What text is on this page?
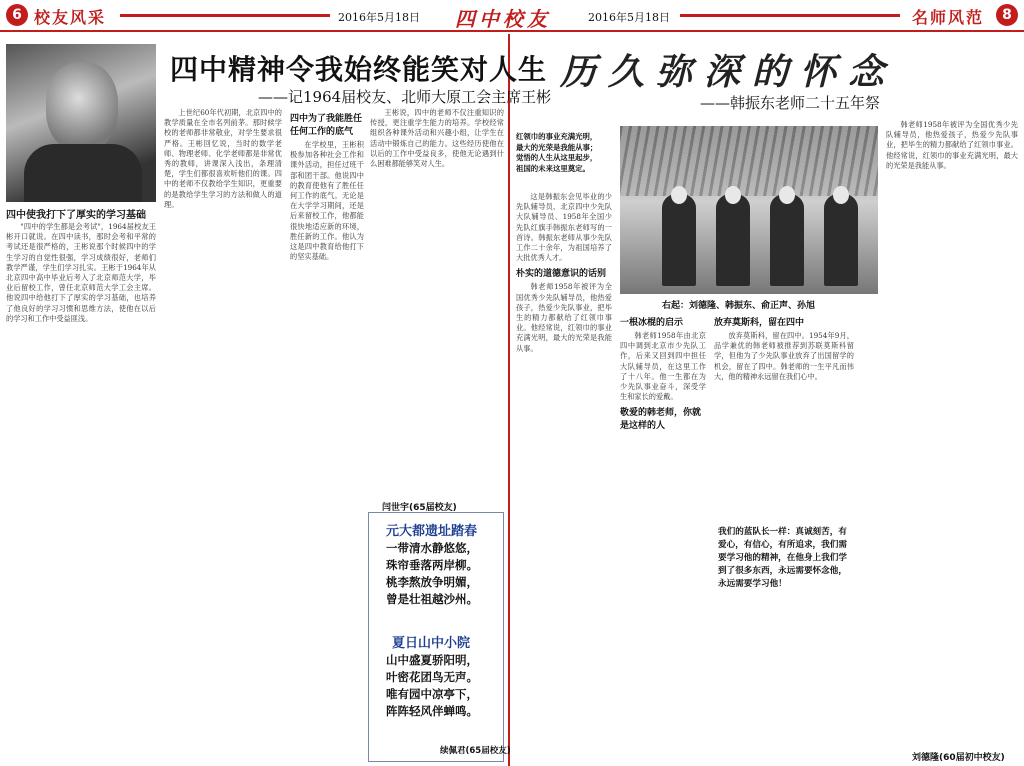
6 校友风采	2016年5月18日 四中校友	2016年5月18日	名师风范	8
四中精神令我始终能笑对人生
——记1964届校友、北师大原工会主席王彬
四中使我打下了厚实的学习基础

"四中的学生都是会考试"，1964届校友王彬开口就说。在四中读书，那时会考和平常的考试还是很严格的，王彬说那个时候四中的学生学习的自觉性很强，学习成绩很好，老师们教学严谨，学生们学习扎实。王彬于1964年从北京四中高中毕业后考入了北京师范大学，毕业后留校工作，曾任北京师范大学工会主席。他说四中给他打下了厚实的学习基础，也培养了他良好的学习习惯和思维方法，使他在以后的学习和工作中受益匪浅。

上世纪60年代初期，北京四中的教学质量在全市名列前茅。那时候学校的老师都非常敬业，对学生要求很严格。王彬回忆说，当时的数学老师、物理老师、化学老师都是非常优秀的教师，讲课深入浅出，条理清楚，学生们都很喜欢听他们的课。四中的老师不仅教给学生知识，更重要的是教给学生学习的方法和做人的道理。

四中为了我能胜任任何工作的底气

在学校里，王彬积极参加各种社会工作和课外活动，担任过班干部和团干部。他说四中的教育使他有了胜任任何工作的底气。无论是在大学学习期间，还是后来留校工作，他都能很快地适应新的环境，胜任新的工作。他认为这是四中教育给他打下的坚实基础。

王彬说，四中的老师不仅注重知识的传授，更注重学生能力的培养。学校经常组织各种课外活动和兴趣小组，让学生在活动中锻炼自己的能力。这些经历使他在以后的工作中受益良多，使他无论遇到什么困难都能够笑对人生。

闫世宇(65届校友)
元大都遗址踏春
一带清水静悠悠，
珠帘垂落两岸柳。
桃李熬放争明媚，
曾是壮祖越沙州。
夏日山中小院
山中盛夏骄阳明，
叶密花团鸟无声。
唯有园中凉亭下，
阵阵轻风伴蝉鸣。
续佩君(65届校友)
历久弥深的怀念
——韩振东老师二十五年祭
红领巾的事业充满光明，最大的光荣是我能从事；觉悟的人生从这里起步，祖国的未来这里奠定。
右起：刘德隆、韩振东、俞正声、孙旭

这是韩振东会见毕业的少先队辅导员、北京四中少先队大队辅导员、1958年全国少先队红旗手韩振东老师写的一首诗。韩振东老师从事少先队工作二十余年，为祖国培养了大批优秀人才。

朴实的道德意识的话别

韩老师1958年被评为全国优秀少先队辅导员，他热爱孩子，热爱少先队事业，把毕生的精力都献给了红领巾事业。他经常说，红领巾的事业充满光明，最大的光荣是我能从事。

一根冰棍的启示

韩老师1958年由北京四中调到北京市少先队工作，后来又回到四中担任大队辅导员，在这里工作了十八年。他一生都在为少先队事业奋斗，深受学生和家长的爱戴。

敬爱的韩老师，你就是这样的人
放弃莫斯科，留在四中

放弃莫斯科，留在四中。1954年9月，品学兼优的韩老师被推荐到苏联莫斯科留学，但他为了少先队事业放弃了出国留学的机会，留在了四中。韩老师的一生平凡而伟大，他的精神永远留在我们心中。

我们的蓝队长一样：真诚刻苦，有爱心，有信心，有所追求，我们需要学习他的精神，在他身上我们学到了很多东西，永远需要怀念他，永远需要学习他！

韩老师1958年被评为全国优秀少先队辅导员，他热爱孩子，热爱少先队事业，把毕生的精力都献给了红领巾事业。他经常说，红领巾的事业充满光明，最大的光荣是我能从事。

刘德隆(60届初中校友)
